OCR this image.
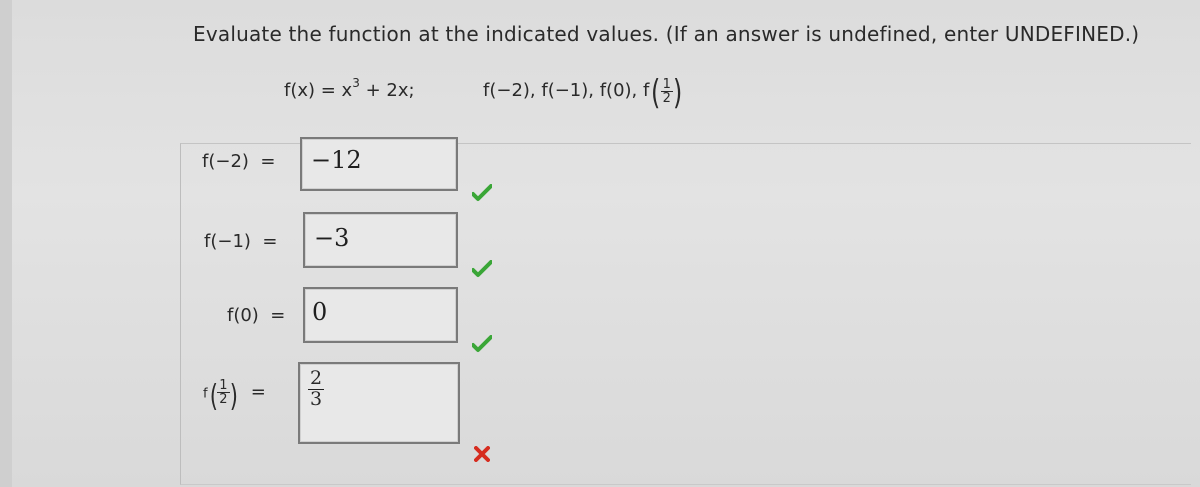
Evaluate the function at the indicated values. (If an answer is undefined, enter UNDEFINED.)
$f(x) = x^3 + 2x$;	f(−2), f(−1), f(0), $f( \frac{1}{2}$ )
f(−2) = −12
f(−1) = −3
f(0) = 0
$f( \frac{1}{2}$ ) = $\frac{2}{3}$
